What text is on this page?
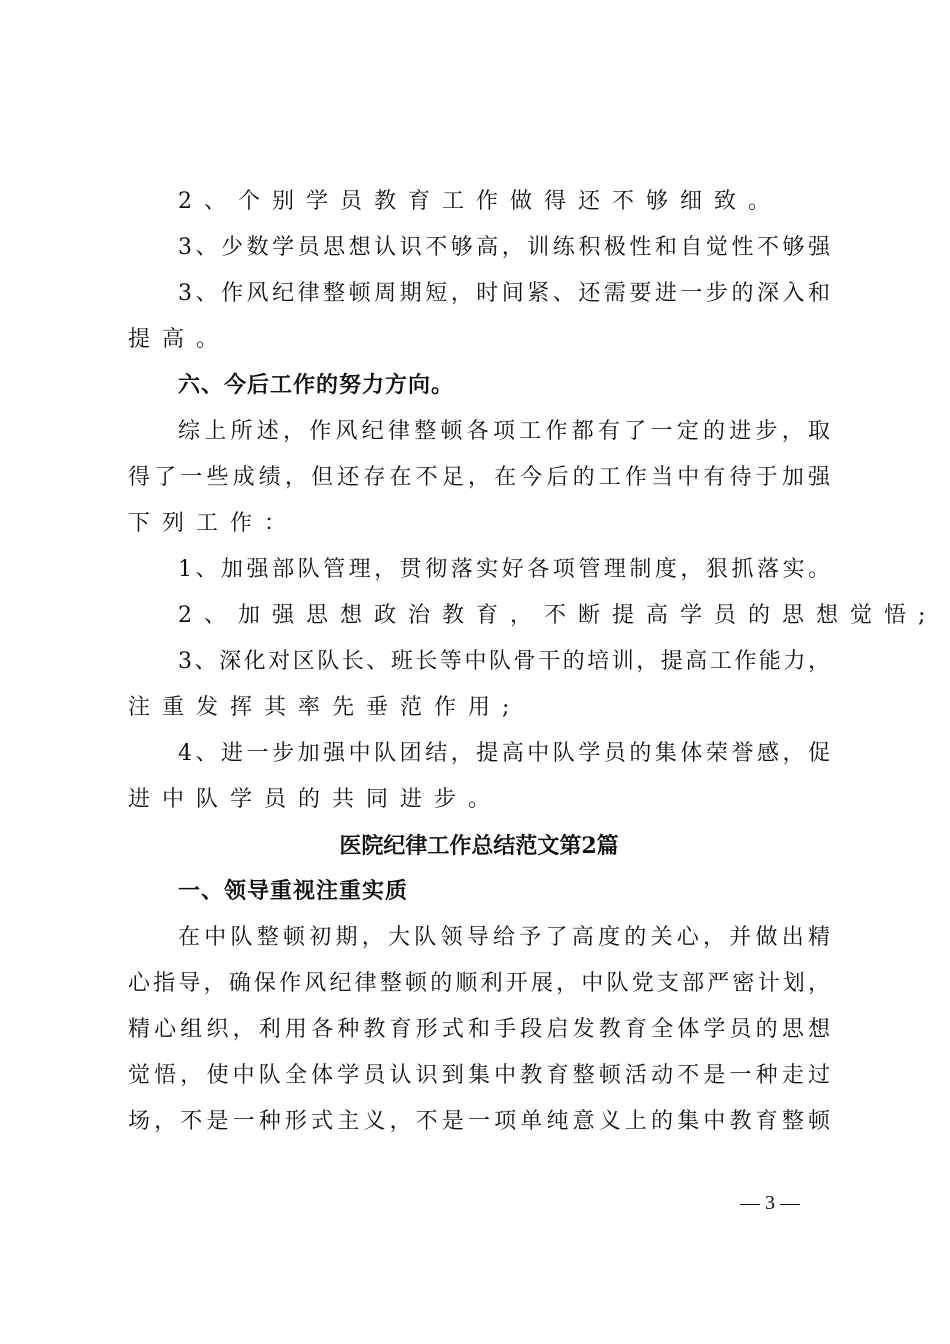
2、个别学员教育工作做得还不够细致。
3、少数学员思想认识不够高，训练积极性和自觉性不够强
3、作风纪律整顿周期短，时间紧、还需要进一步的深入和
提高。
六、今后工作的努力方向。
综上所述，作风纪律整顿各项工作都有了一定的进步，取
得了一些成绩，但还存在不足，在今后的工作当中有待于加强
下列工作：
1、加强部队管理，贯彻落实好各项管理制度，狠抓落实。
2、加强思想政治教育，不断提高学员的思想觉悟;
3、深化对区队长、班长等中队骨干的培训，提高工作能力，
注重发挥其率先垂范作用;
4、进一步加强中队团结，提高中队学员的集体荣誉感，促
进中队学员的共同进步。
医院纪律工作总结范文第2篇
一、领导重视注重实质
在中队整顿初期，大队领导给予了高度的关心，并做出精
心指导，确保作风纪律整顿的顺利开展，中队党支部严密计划，
精心组织，利用各种教育形式和手段启发教育全体学员的思想
觉悟，使中队全体学员认识到集中教育整顿活动不是一种走过
场，不是一种形式主义，不是一项单纯意义上的集中教育整顿
— 3 —
